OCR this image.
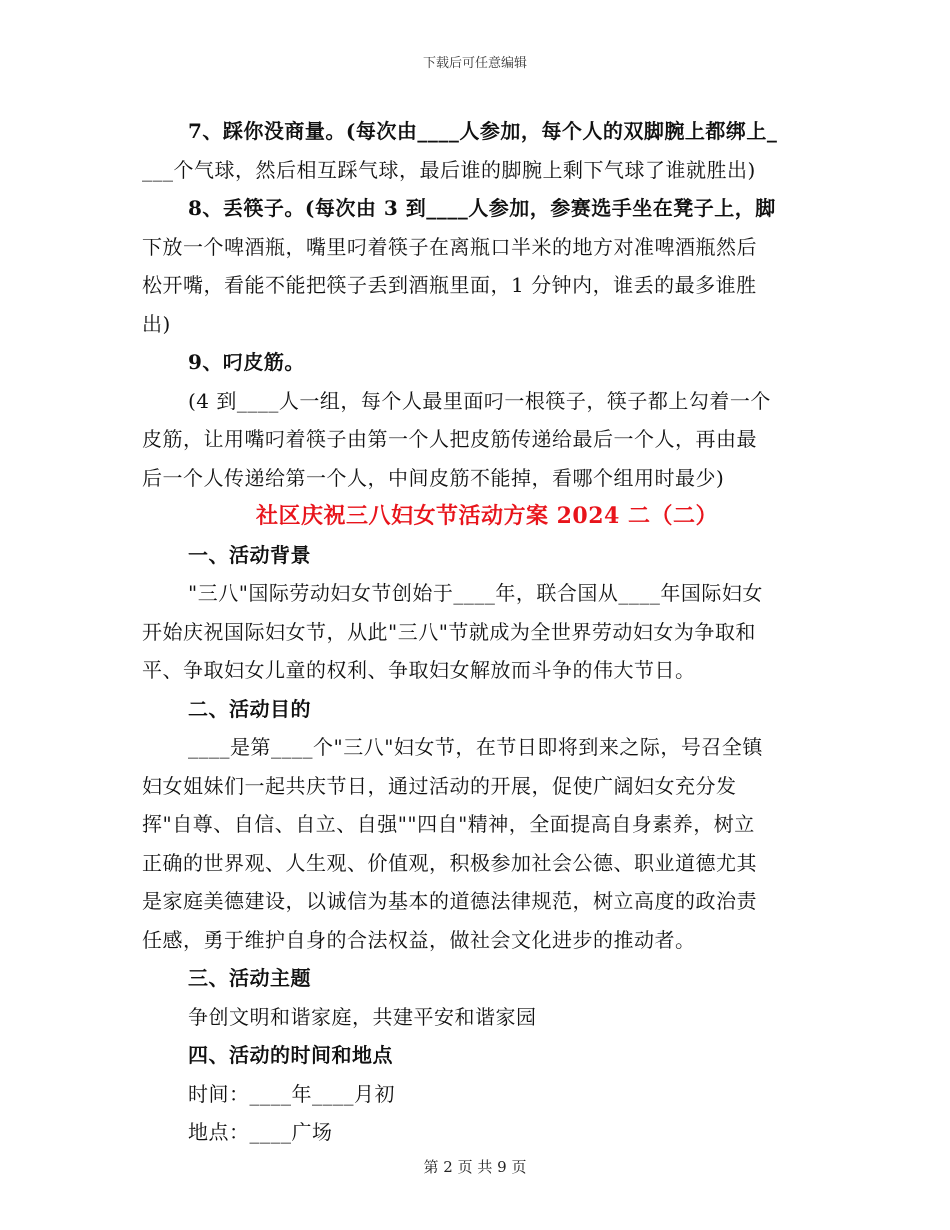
下载后可任意编辑
7、踩你没商量。(每次由____人参加，每个人的双脚腕上都绑上_
___个气球，然后相互踩气球，最后谁的脚腕上剩下气球了谁就胜出)
8、丢筷子。(每次由 3 到____人参加，参赛选手坐在凳子上，脚
下放一个啤酒瓶，嘴里叼着筷子在离瓶口半米的地方对准啤酒瓶然后
松开嘴，看能不能把筷子丢到酒瓶里面，1 分钟内，谁丢的最多谁胜
出)
9、叼皮筋。
(4 到____人一组，每个人最里面叼一根筷子，筷子都上勾着一个
皮筋，让用嘴叼着筷子由第一个人把皮筋传递给最后一个人，再由最
后一个人传递给第一个人，中间皮筋不能掉，看哪个组用时最少)
社区庆祝三八妇女节活动方案 2024 二（二）
一、活动背景
"三八"国际劳动妇女节创始于____年，联合国从____年国际妇女
开始庆祝国际妇女节，从此"三八"节就成为全世界劳动妇女为争取和
平、争取妇女儿童的权利、争取妇女解放而斗争的伟大节日。
二、活动目的
____是第____个"三八"妇女节，在节日即将到来之际，号召全镇
妇女姐妹们一起共庆节日，通过活动的开展，促使广阔妇女充分发
挥"自尊、自信、自立、自强""四自"精神，全面提高自身素养，树立
正确的世界观、人生观、价值观，积极参加社会公德、职业道德尤其
是家庭美德建设，以诚信为基本的道德法律规范，树立高度的政治责
任感，勇于维护自身的合法权益，做社会文化进步的推动者。
三、活动主题
争创文明和谐家庭，共建平安和谐家园
四、活动的时间和地点
时间：____年____月初
地点：____广场
第 2 页 共 9 页
